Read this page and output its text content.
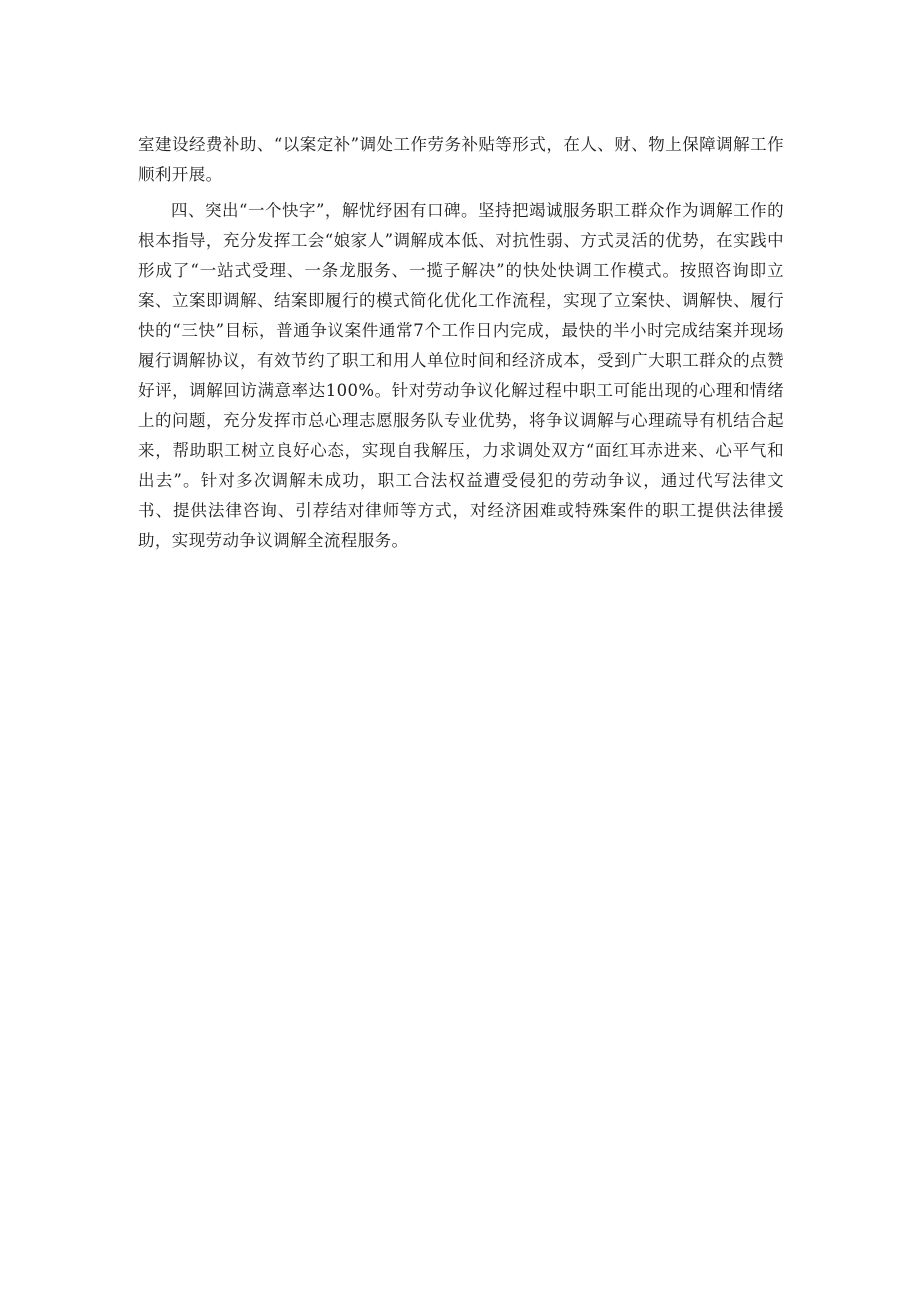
室建设经费补助、“以案定补”调处工作劳务补贴等形式，在人、财、物上保障调解工作顺利开展。

四、突出“一个快字”，解忧纾困有口碑。坚持把竭诚服务职工群众作为调解工作的根本指导，充分发挥工会“娘家人”调解成本低、对抗性弱、方式灵活的优势，在实践中形成了“一站式受理、一条龙服务、一揽子解决”的快处快调工作模式。按照咨询即立案、立案即调解、结案即履行的模式简化优化工作流程，实现了立案快、调解快、履行快的“三快”目标，普通争议案件通常7个工作日内完成，最快的半小时完成结案并现场履行调解协议，有效节约了职工和用人单位时间和经济成本，受到广大职工群众的点赞好评，调解回访满意率达100%。针对劳动争议化解过程中职工可能出现的心理和情绪上的问题，充分发挥市总心理志愿服务队专业优势，将争议调解与心理疏导有机结合起来，帮助职工树立良好心态，实现自我解压，力求调处双方“面红耳赤进来、心平气和出去”。针对多次调解未成功，职工合法权益遭受侵犯的劳动争议，通过代写法律文书、提供法律咨询、引荐结对律师等方式，对经济困难或特殊案件的职工提供法律援助，实现劳动争议调解全流程服务。
